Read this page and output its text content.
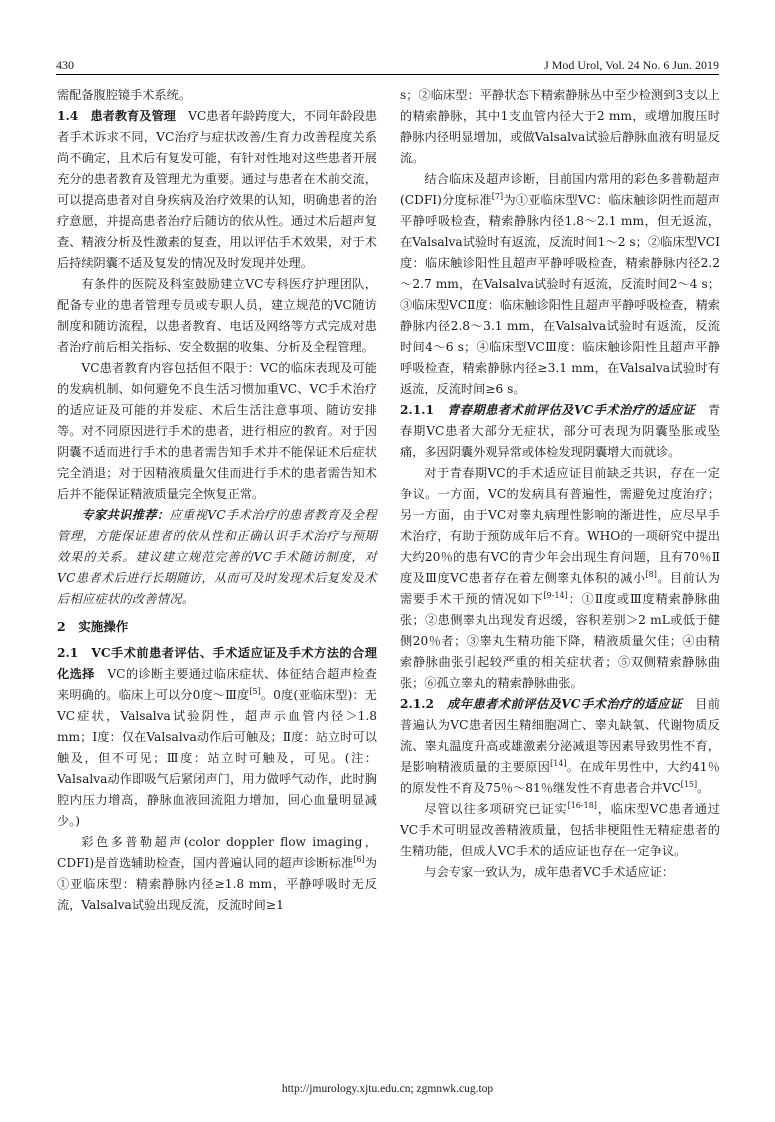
430	J Mod Urol, Vol. 24 No. 6 Jun. 2019

需配备腹腔镜手术系统。

1.4　 患者教育及管理　 VC患者年龄跨度大，不同年龄段患者手术诉求不同，VC治疗与症状改善/生育力改善程度关系尚不确定，且术后有复发可能，有针对性地对这些患者开展充分的患者教育及管理尤为重要。通过与患者在术前交流，可以提高患者对自身疾病及治疗效果的认知，明确患者的治疗意愿，并提高患者治疗后随访的依从性。通过术后超声复查、精液分析及性激素的复查，用以评估手术效果，对于术后持续阴囊不适及复发的情况及时发现并处理。

有条件的医院及科室鼓励建立VC专科医疗护理团队，配备专业的患者管理专员或专职人员，建立规范的VC随访制度和随访流程，以患者教育、电话及网络等方式完成对患者治疗前后相关指标、安全数据的收集、分析及全程管理。

VC患者教育内容包括但不限于：VC的临床表现及可能的发病机制、如何避免不良生活习惯加重VC、VC手术治疗的适应证及可能的并发症、术后生活注意事项、随访安排等。对不同原因进行手术的患者，进行相应的教育。对于因阴囊不适而进行手术的患者需告知手术并不能保证术后症状完全消退；对于因精液质量欠佳而进行手术的患者需告知术后并不能保证精液质量完全恢复正常。

专家共识推荐：应重视VC手术治疗的患者教育及全程管理，方能保证患者的依从性和正确认识手术治疗与预期效果的关系。建议建立规范完善的VC手术随访制度，对VC患者术后进行长期随访，从而可及时发现术后复发及术后相应症状的改善情况。

2　实施操作

2.1　 VC手术前患者评估、手术适应证及手术方法的合理化选择　 VC的诊断主要通过临床症状、体征结合超声检查来明确的。临床上可以分0度～Ⅲ度[5]。0度(亚临床型)：无VC症状，Valsalva试验阴性，超声示血管内径＞1.8 mm；Ⅰ度：仅在Valsalva动作后可触及；Ⅱ度：站立时可以触及，但不可见；Ⅲ度：站立时可触及，可见。(注：Valsalva动作即吸气后紧闭声门，用力做呼气动作，此时胸腔内压力增高，静脉血液回流阻力增加，回心血量明显减少。)

彩色多普勒超声(color doppler flow imaging，CDFI)是首选辅助检查，国内普遍认同的超声诊断标准[6]为①亚临床型：精索静脉内径≥1.8 mm，平静呼吸时无反流，Valsalva试验出现反流，反流时间≥1

s；②临床型：平静状态下精索静脉丛中至少检测到3支以上的精索静脉，其中1支血管内径大于2 mm，或增加腹压时静脉内径明显增加，或做Valsalva试验后静脉血液有明显反流。

结合临床及超声诊断，目前国内常用的彩色多普勒超声(CDFI)分度标准[7]为①亚临床型VC：临床触诊阴性而超声平静呼吸检查，精索静脉内径1.8～2.1 mm，但无返流，在Valsalva试验时有返流，反流时间1～2 s；②临床型VCⅠ度：临床触诊阳性且超声平静呼吸检查，精索静脉内径2.2～2.7 mm，在Valsalva试验时有返流，反流时间2～4 s；③临床型VCⅡ度：临床触诊阳性且超声平静呼吸检查，精索静脉内径2.8～3.1 mm，在Valsalva试验时有返流，反流时间4～6 s；④临床型VCⅢ度：临床触诊阳性且超声平静呼吸检查，精索静脉内径≥3.1 mm，在Valsalva试验时有返流，反流时间≥6 s。

2.1.1　 青春期患者术前评估及VC手术治疗的适应证　 青春期VC患者大部分无症状，部分可表现为阴囊坠胀或坠痛，多因阴囊外观异常或体检发现阴囊增大而就诊。

对于青春期VC的手术适应证目前缺乏共识，存在一定争议。一方面，VC的发病具有普遍性，需避免过度治疗；另一方面，由于VC对睾丸病理性影响的渐进性，应尽早手术治疗，有助于预防成年后不育。WHO的一项研究中提出大约20％的患有VC的青少年会出现生育问题，且有70％Ⅱ度及Ⅲ度VC患者存在着左侧睾丸体积的减小[8]。目前认为需要手术干预的情况如下[9-14]：①Ⅱ度或Ⅲ度精索静脉曲张；②患侧睾丸出现发育迟缓，容积差别＞2 mL或低于健侧20％者；③睾丸生精功能下降，精液质量欠佳；④由精索静脉曲张引起较严重的相关症状者；⑤双侧精索静脉曲张；⑥孤立睾丸的精索静脉曲张。

2.1.2　 成年患者术前评估及VC手术治疗的适应证　 目前普遍认为VC患者因生精细胞凋亡、睾丸缺氧、代谢物质反流、睾丸温度升高或雄激素分泌减退等因素导致男性不育，是影响精液质量的主要原因[14]。在成年男性中，大约41％的原发性不育及75％～81％继发性不育患者合并VC[15]。

尽管以往多项研究已证实[16-18]，临床型VC患者通过VC手术可明显改善精液质量，包括非梗阻性无精症患者的生精功能，但成人VC手术的适应证也存在一定争议。

与会专家一致认为，成年患者VC手术适应证：

http://jmurology.xjtu.edu.cn; zgmnwk.cug.top
